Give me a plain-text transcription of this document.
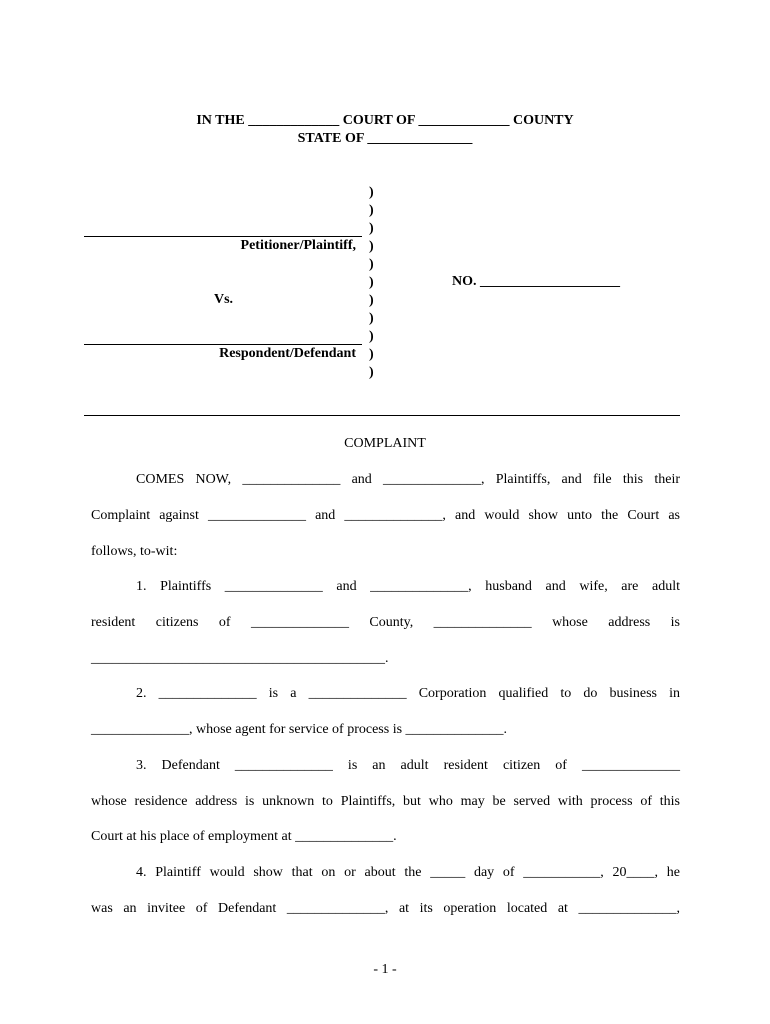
IN THE _____________ COURT OF _____________ COUNTY
STATE OF _______________
)
)
)
)
)
)
)
)
)
)
)
Petitioner/Plaintiff,
Vs.
Respondent/Defendant
NO. ____________________
COMPLAINT
COMES NOW, ______________ and ______________, Plaintiffs, and file this their
Complaint against ______________ and ______________, and would show unto the Court as
follows, to-wit:
1. Plaintiffs ______________ and ______________, husband and wife, are adult
resident citizens of ______________ County, ______________ whose address is
__________________________________________.
2. ______________ is a ______________ Corporation qualified to do business in
______________, whose agent for service of process is ______________.
3. Defendant ______________ is an adult resident citizen of ______________
whose residence address is unknown to Plaintiffs, but who may be served with process of this
Court at his place of employment at ______________.
4. Plaintiff would show that on or about the _____ day of ___________, 20____, he
was an invitee of Defendant ______________, at its operation located at ______________,
- 1 -
